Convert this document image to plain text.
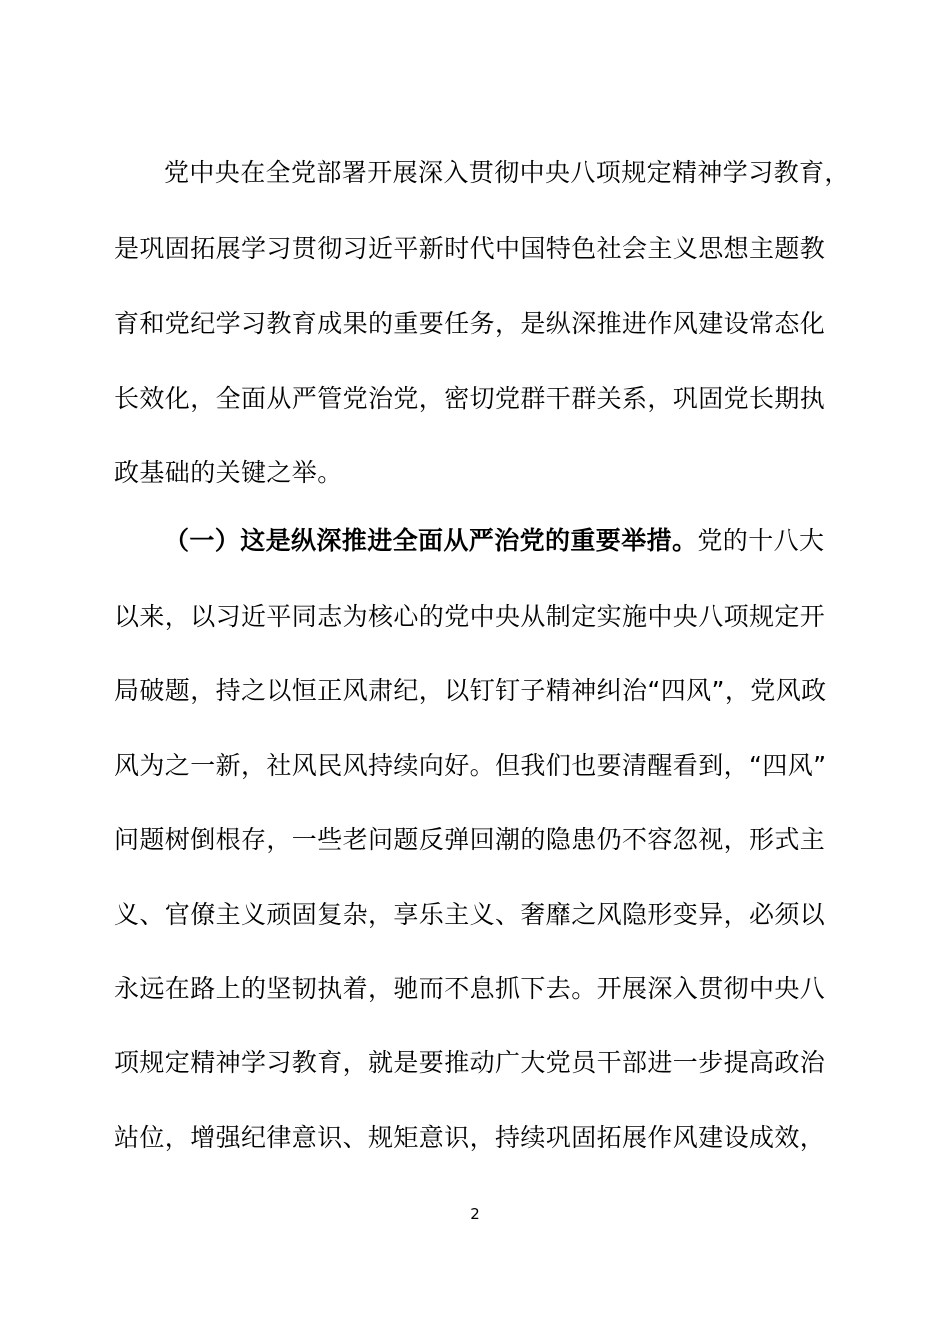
党中央在全党部署开展深入贯彻中央八项规定精神学习教育，
是巩固拓展学习贯彻习近平新时代中国特色社会主义思想主题教
育和党纪学习教育成果的重要任务，是纵深推进作风建设常态化
长效化，全面从严管党治党，密切党群干群关系，巩固党长期执
政基础的关键之举。
（一）这是纵深推进全面从严治党的重要举措。党的十八大
以来，以习近平同志为核心的党中央从制定实施中央八项规定开
局破题，持之以恒正风肃纪，以钉钉子精神纠治“四风”，党风政
风为之一新，社风民风持续向好。但我们也要清醒看到，“四风”
问题树倒根存，一些老问题反弹回潮的隐患仍不容忽视，形式主
义、官僚主义顽固复杂，享乐主义、奢靡之风隐形变异，必须以
永远在路上的坚韧执着，驰而不息抓下去。开展深入贯彻中央八
项规定精神学习教育，就是要推动广大党员干部进一步提高政治
站位，增强纪律意识、规矩意识，持续巩固拓展作风建设成效，
2
